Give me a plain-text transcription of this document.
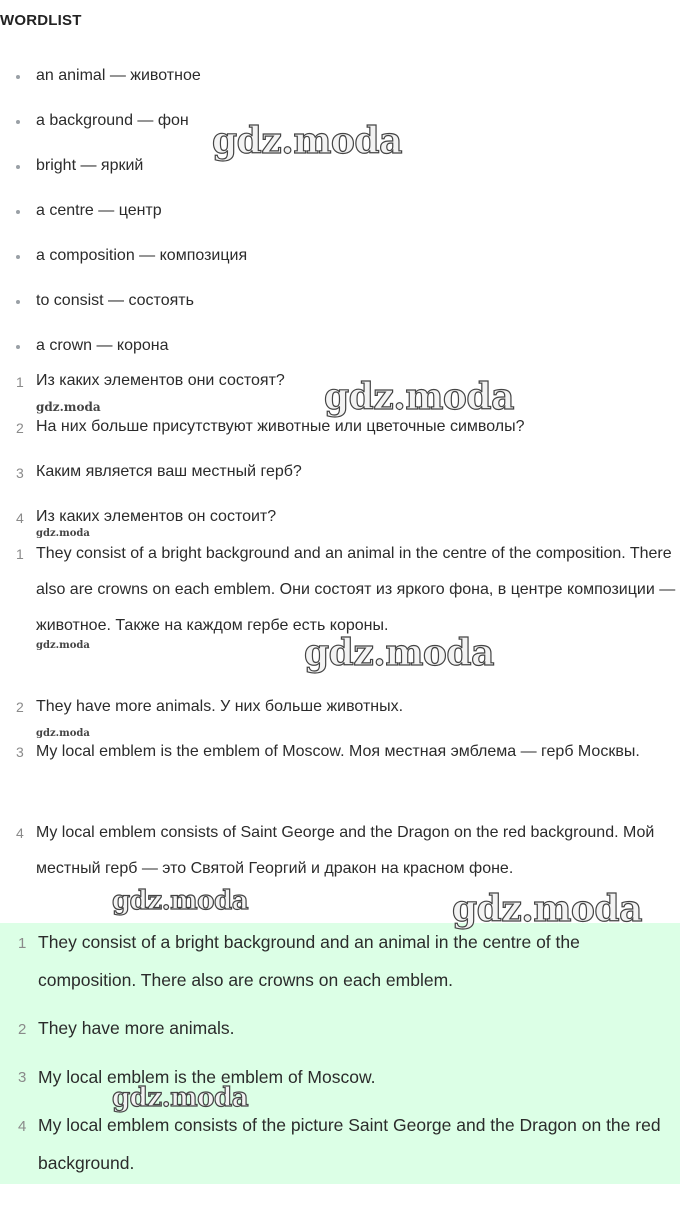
WORDLIST
an animal — животное
a background — фон
bright — яркий
a centre — центр
a composition — композиция
to consist — состоять
a crown — корона
1 Из каких элементов они состоят?
2 На них больше присутствуют животные или цветочные символы?
3 Каким является ваш местный герб?
4 Из каких элементов он состоит?
1 They consist of a bright background and an animal in the centre of the composition. There also are crowns on each emblem. Они состоят из яркого фона, в центре композиции — животное. Также на каждом гербе есть короны.
2 They have more animals. У них больше животных.
3 My local emblem is the emblem of Moscow. Моя местная эмблема — герб Москвы.
4 My local emblem consists of Saint George and the Dragon on the red background. Мой местный герб — это Святой Георгий и дракон на красном фоне.
1 They consist of a bright background and an animal in the centre of the composition. There also are crowns on each emblem.
2 They have more animals.
3 My local emblem is the emblem of Moscow.
4 My local emblem consists of the picture Saint George and the Dragon on the red background.
gdz.moda
gdz.moda
gdz.moda
gdz.moda
gdz.moda	gdz.moda
gdz.moda
gdz.moda	gdz.moda
gdz.moda
